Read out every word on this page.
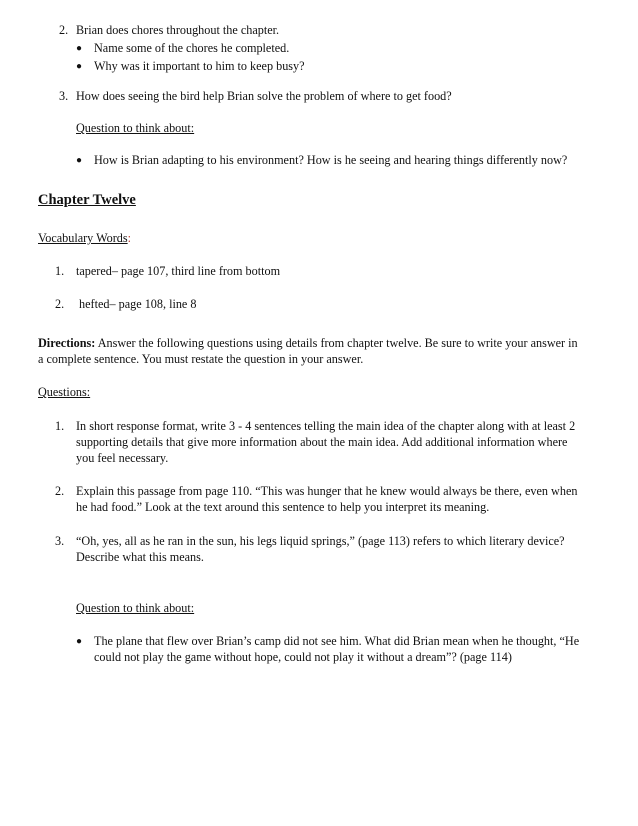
2. Brian does chores throughout the chapter.
● Name some of the chores he completed.
● Why was it important to him to keep busy?
3. How does seeing the bird help Brian solve the problem of where to get food?
Question to think about:
● How is Brian adapting to his environment? How is he seeing and hearing things differently now?
Chapter Twelve
Vocabulary Words:
1. tapered– page 107, third line from bottom
2. hefted– page 108, line 8
Directions: Answer the following questions using details from chapter twelve. Be sure to write your answer in
a complete sentence. You must restate the question in your answer.
Questions:
1. In short response format, write 3 - 4 sentences telling the main idea of the chapter along with at least 2
supporting details that give more information about the main idea. Add additional information where
you feel necessary.
2. Explain this passage from page 110. “This was hunger that he knew would always be there, even when
he had food.” Look at the text around this sentence to help you interpret its meaning.
3. “Oh, yes, all as he ran in the sun, his legs liquid springs,” (page 113) refers to which literary device?
Describe what this means.
Question to think about:
● The plane that flew over Brian’s camp did not see him. What did Brian mean when he thought, “He
could not play the game without hope, could not play it without a dream”? (page 114)
